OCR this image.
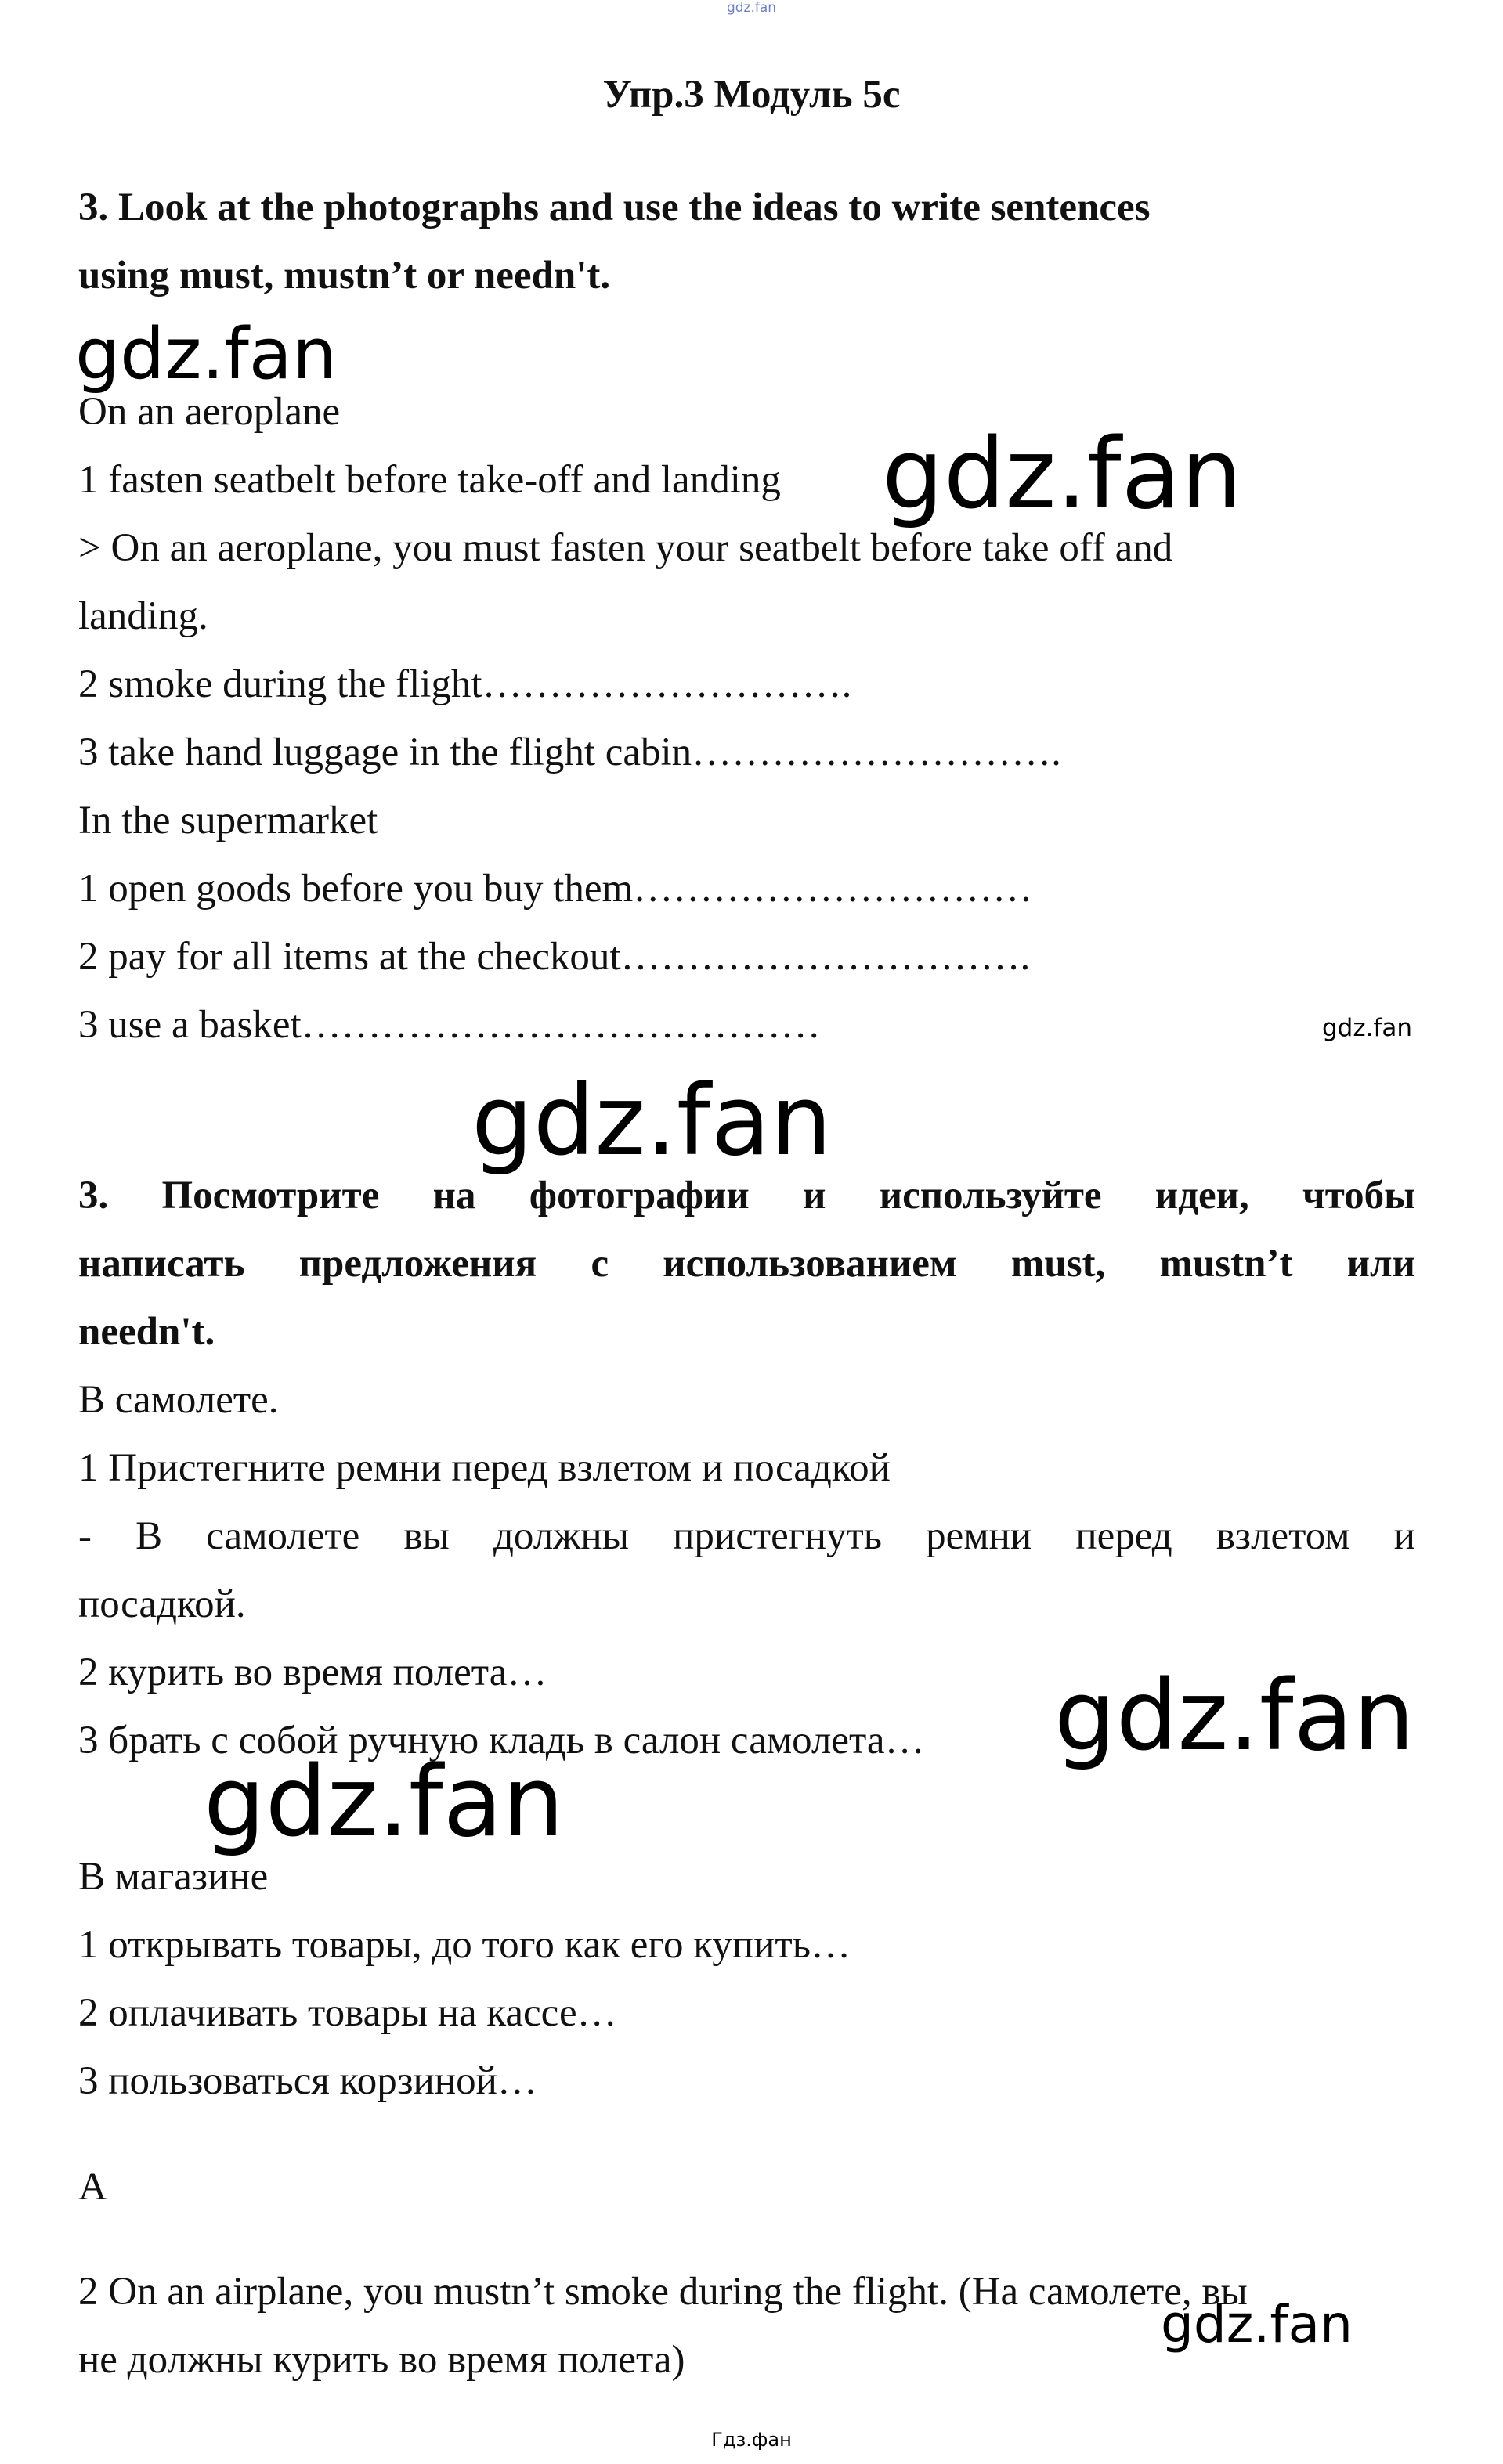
gdz.fan
Упр.3 Модуль 5с
3. Look at the photographs and use the ideas to write sentences
using must, mustn’t or needn't.
gdz.fan
On an aeroplane
1 fasten seatbelt before take-off and landing	gdz.fan
> On an aeroplane, you must fasten your seatbelt before take off and
landing.
2 smoke during the flight……………………….
3 take hand luggage in the flight cabin……………………….
In the supermarket
1 open goods before you buy them…………………………
2 pay for all items at the checkout………………………….
3 use a basket…………………………………	gdz.fan
gdz.fan
3. Посмотрите на фотографии и используйте идеи, чтобы
написать предложения с использованием must, mustn’t или
needn't.
В самолете.
1 Пристегните ремни перед взлетом и посадкой
- В самолете вы должны пристегнуть ремни перед взлетом и
посадкой.
2 курить во время полета…
3 брать с собой ручную кладь в салон самолета…	gdz.fan
gdz.fan
В магазине
1 открывать товары, до того как его купить…
2 оплачивать товары на кассе…
3 пользоваться корзиной…
A
2 On an airplane, you mustn’t smoke during the flight. (На самолете, вы
не должны курить во время полета)
gdz.fan
Гдз.фан
